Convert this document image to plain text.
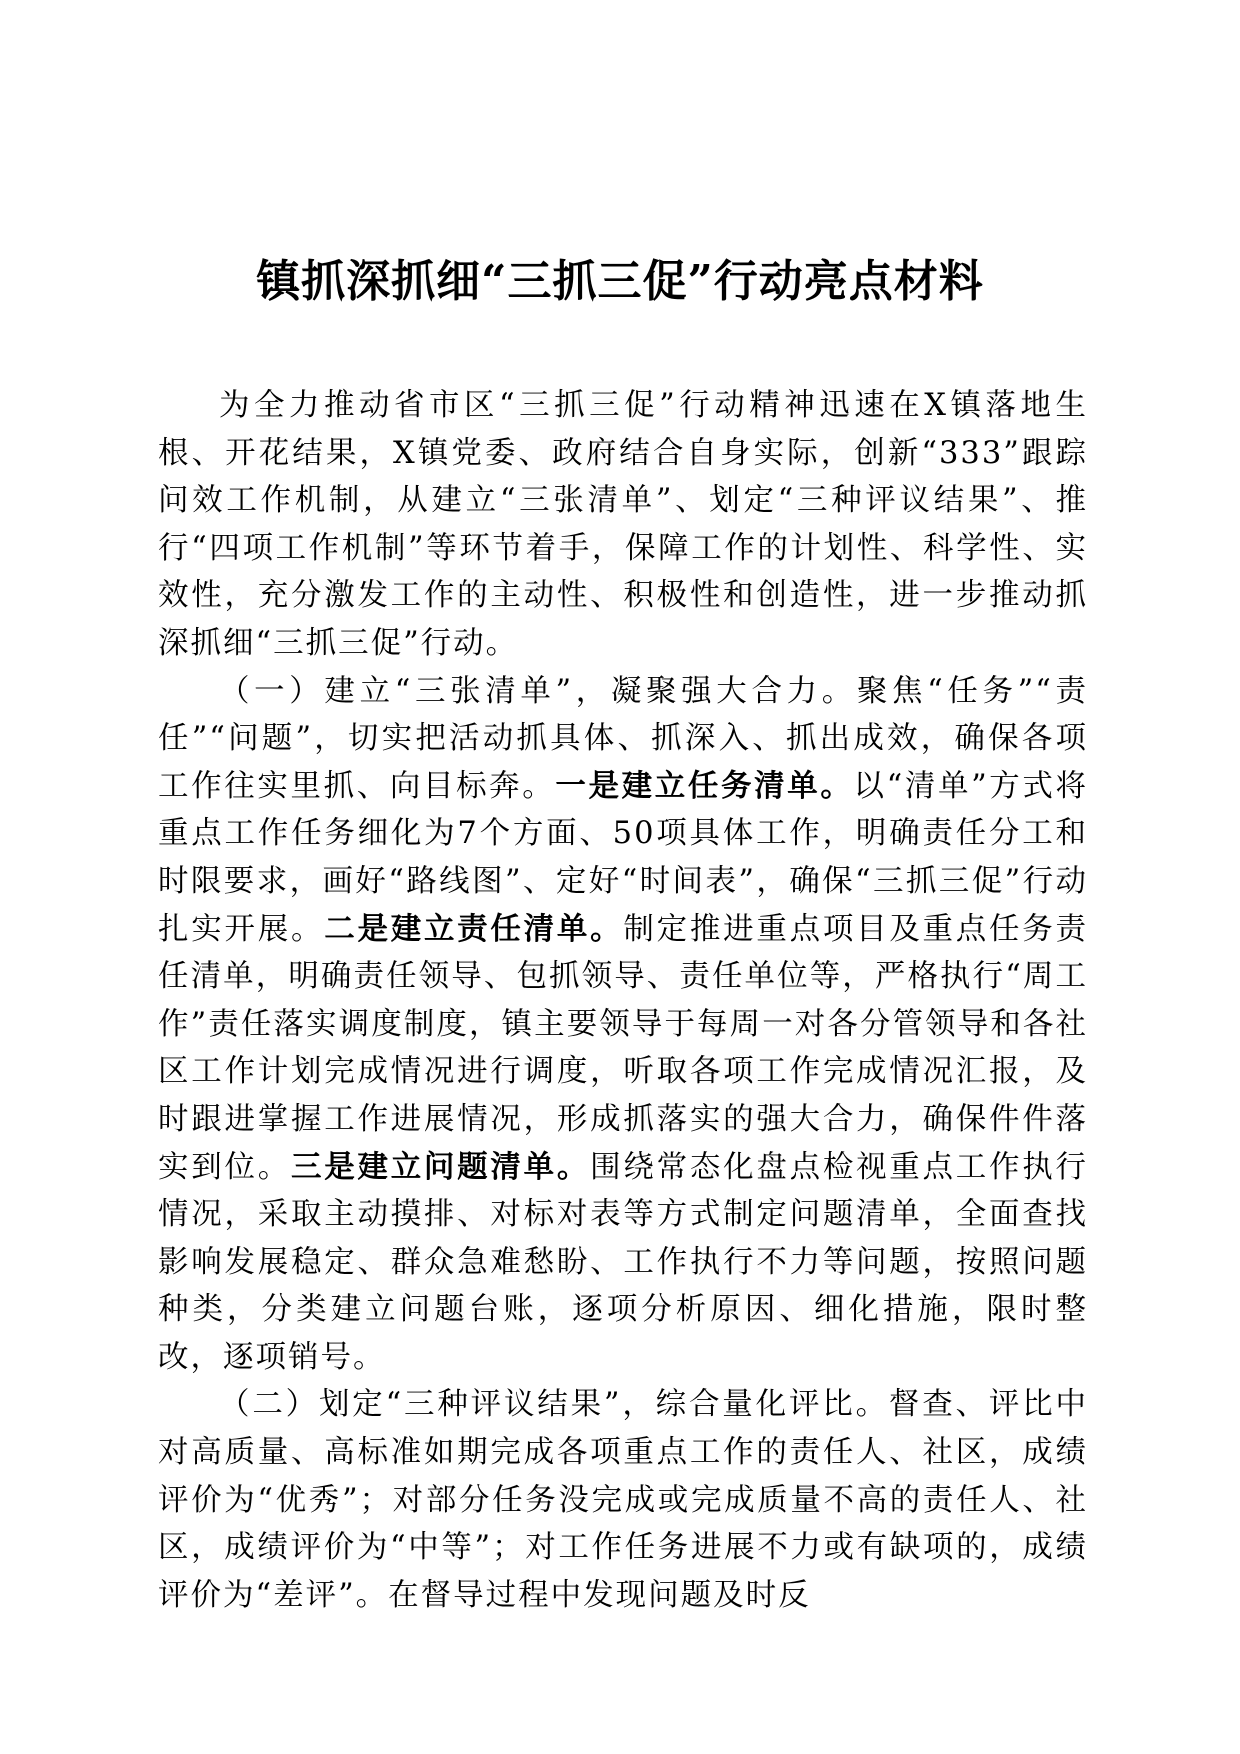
镇抓深抓细“三抓三促”行动亮点材料

为全力推动省市区“三抓三促”行动精神迅速在X镇落地生根、开花结果，X镇党委、政府结合自身实际，创新“333”跟踪问效工作机制，从建立“三张清单”、划定“三种评议结果”、推行“四项工作机制”等环节着手，保障工作的计划性、科学性、实效性，充分激发工作的主动性、积极性和创造性，进一步推动抓深抓细“三抓三促”行动。

（一）建立“三张清单”，凝聚强大合力。聚焦“任务”“责任”“问题”，切实把活动抓具体、抓深入、抓出成效，确保各项工作往实里抓、向目标奔。一是建立任务清单。以“清单”方式将重点工作任务细化为7个方面、50项具体工作，明确责任分工和时限要求，画好“路线图”、定好“时间表”，确保“三抓三促”行动扎实开展。二是建立责任清单。制定推进重点项目及重点任务责任清单，明确责任领导、包抓领导、责任单位等，严格执行“周工作”责任落实调度制度，镇主要领导于每周一对各分管领导和各社区工作计划完成情况进行调度，听取各项工作完成情况汇报，及时跟进掌握工作进展情况，形成抓落实的强大合力，确保件件落实到位。三是建立问题清单。围绕常态化盘点检视重点工作执行情况，采取主动摸排、对标对表等方式制定问题清单，全面查找影响发展稳定、群众急难愁盼、工作执行不力等问题，按照问题种类，分类建立问题台账，逐项分析原因、细化措施，限时整改，逐项销号。

（二）划定“三种评议结果”，综合量化评比。督查、评比中对高质量、高标准如期完成各项重点工作的责任人、社区，成绩评价为“优秀”；对部分任务没完成或完成质量不高的责任人、社区，成绩评价为“中等”；对工作任务进展不力或有缺项的，成绩评价为“差评”。在督导过程中发现问题及时反
